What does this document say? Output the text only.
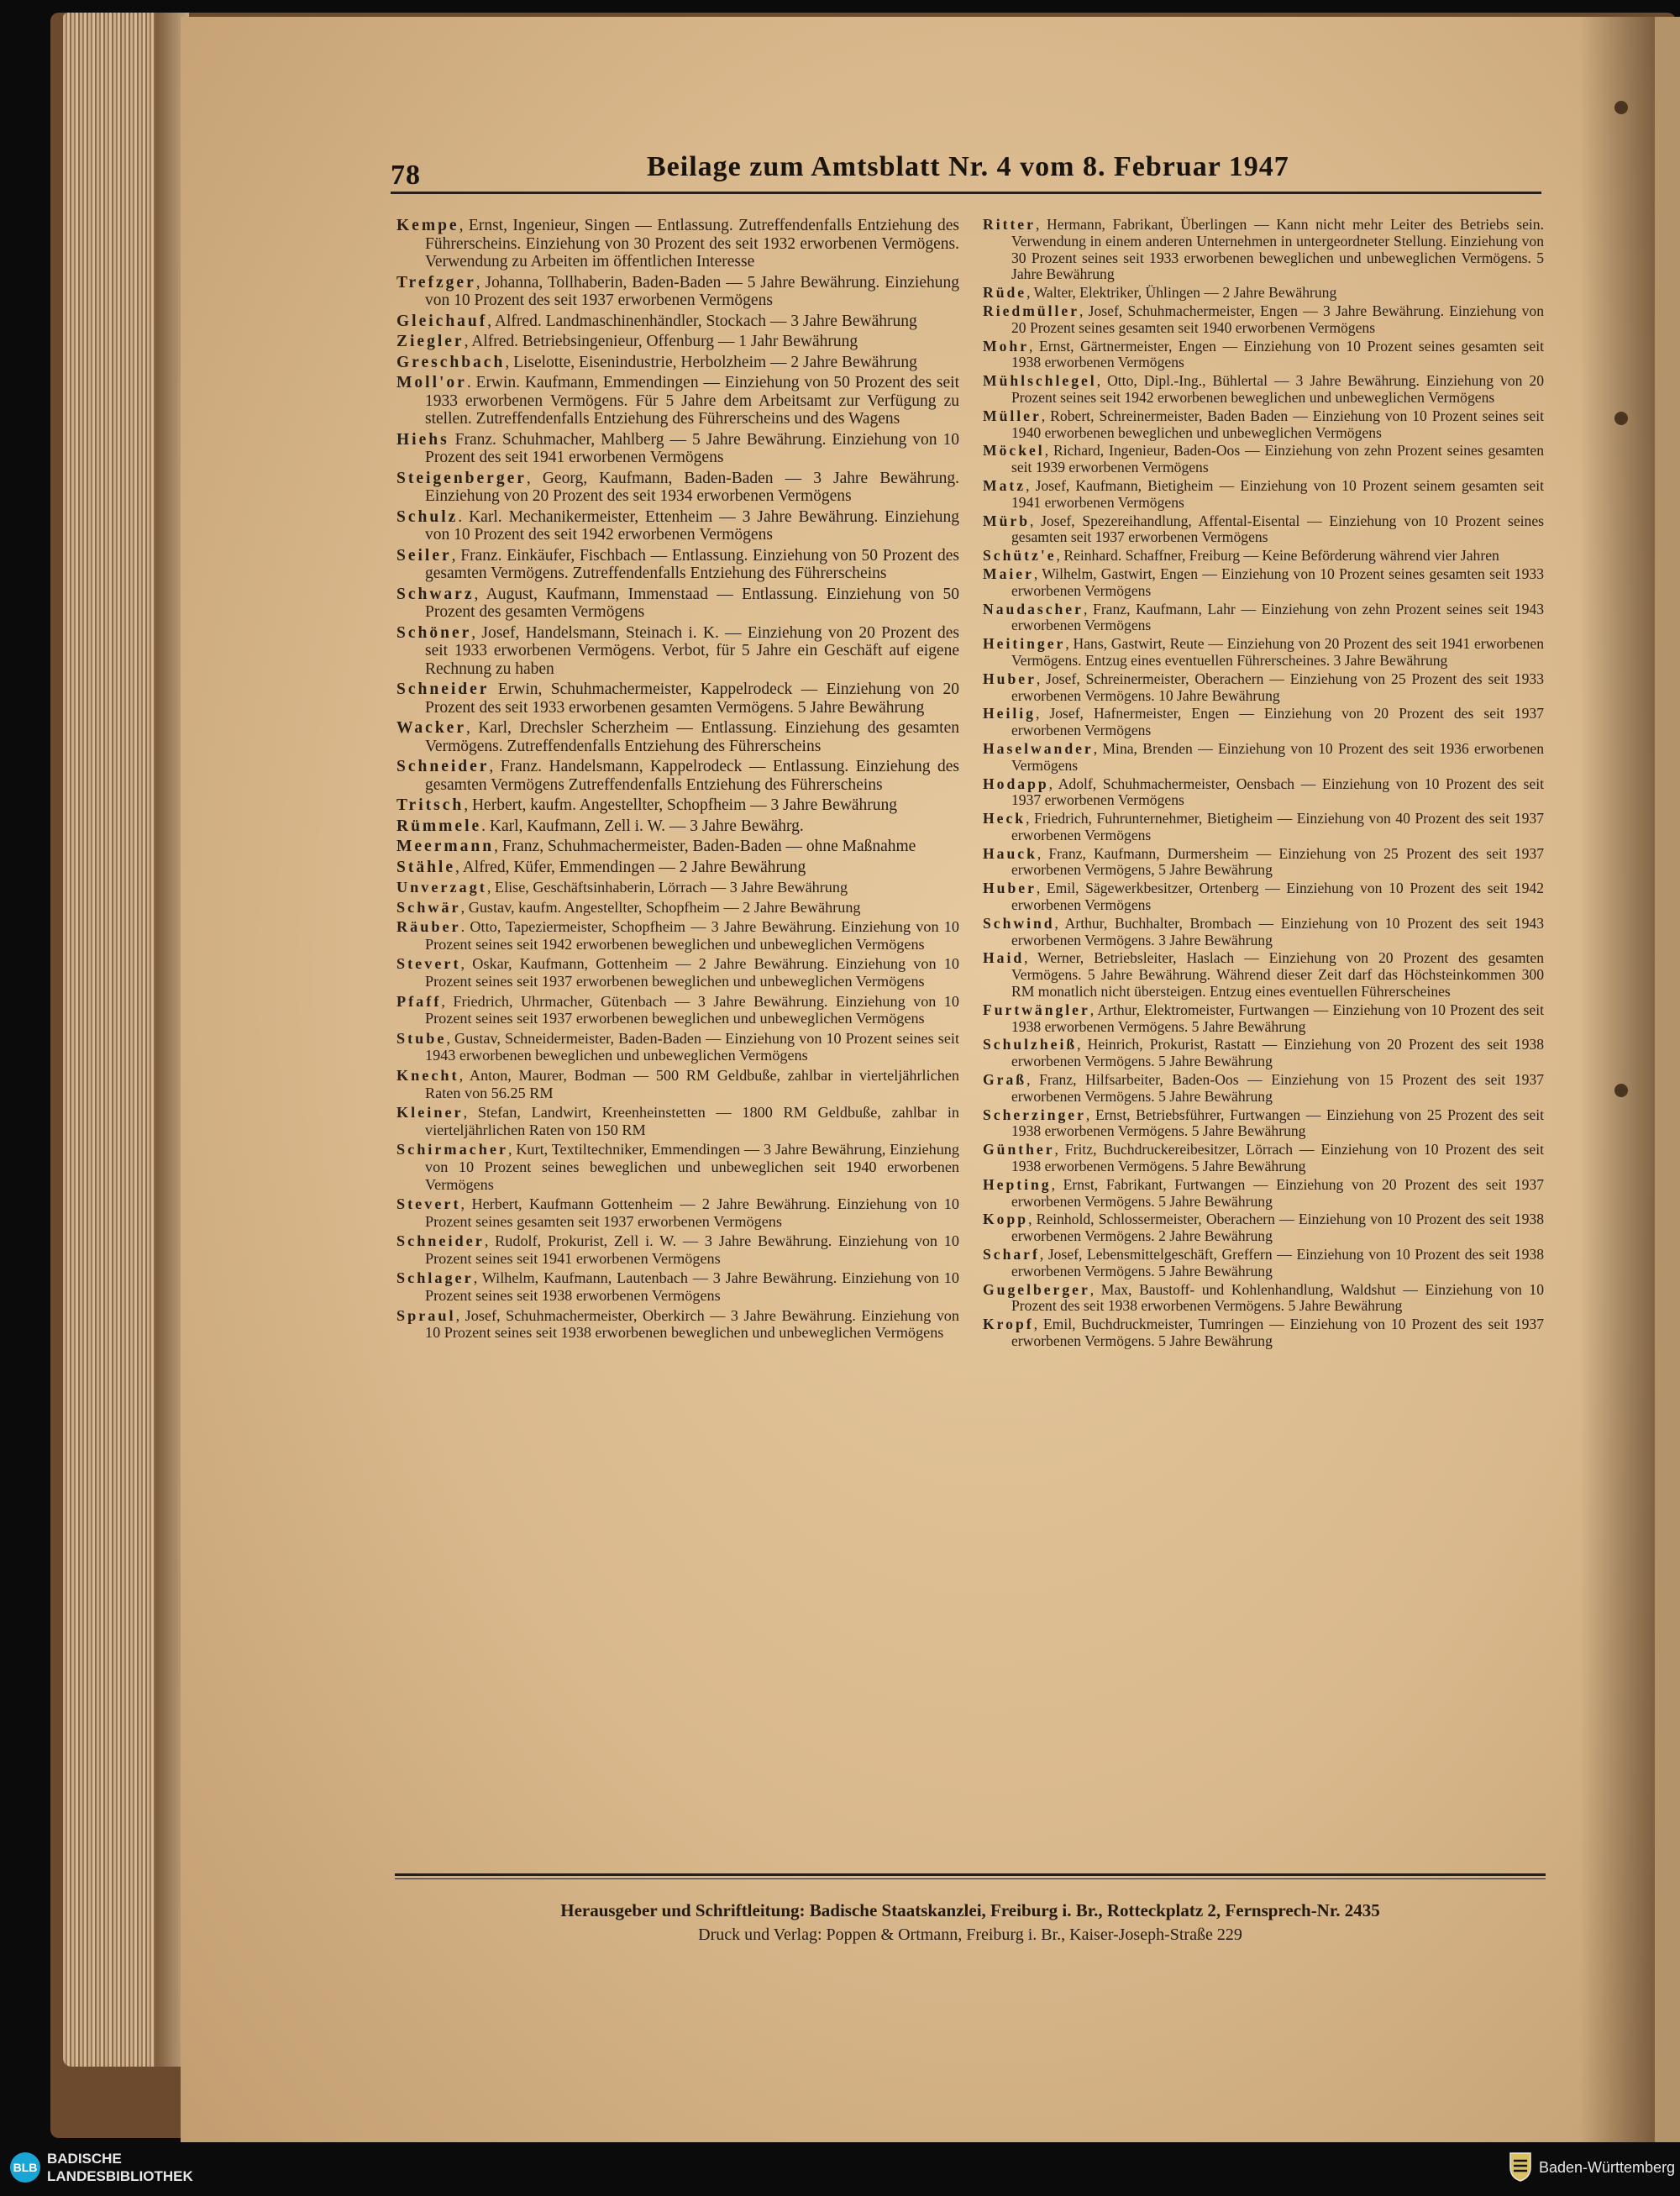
78	Beilage zum Amtsblatt Nr. 4 vom 8. Februar 1947
Kempe, Ernst, Ingenieur, Singen — Entlassung. Zutreffendenfalls Entziehung des Führerscheins. Einziehung von 30 Prozent des seit 1932 erworbenen Vermögens. Verwendung zu Arbeiten im öffentlichen Interesse
Trefzger, Johanna, Tollhaberin, Baden-Baden — 5 Jahre Bewährung. Einziehung von 10 Prozent des seit 1937 erworbenen Vermögens
Gleichauf, Alfred. Landmaschinenhändler, Stockach — 3 Jahre Bewährung
Ziegler, Alfred. Betriebsingenieur, Offenburg — 1 Jahr Bewährung
Greschbach, Liselotte, Eisenindustrie, Herbolzheim — 2 Jahre Bewährung
Moll'or. Erwin. Kaufmann, Emmendingen — Einziehung von 50 Prozent des seit 1933 erworbenen Vermögens. Für 5 Jahre dem Arbeitsamt zur Verfügung zu stellen. Zutreffendenfalls Entziehung des Führerscheins und des Wagens
Hiehs Franz. Schuhmacher, Mahlberg — 5 Jahre Bewährung. Einziehung von 10 Prozent des seit 1941 erworbenen Vermögens
Steigenberger, Georg, Kaufmann, Baden-Baden — 3 Jahre Bewährung. Einziehung von 20 Prozent des seit 1934 erworbenen Vermögens
Schulz. Karl. Mechanikermeister, Ettenheim — 3 Jahre Bewährung. Einziehung von 10 Prozent des seit 1942 erworbenen Vermögens
Seiler, Franz. Einkäufer, Fischbach — Entlassung. Einziehung von 50 Prozent des gesamten Vermögens. Zutreffendenfalls Entziehung des Führerscheins
Schwarz, August, Kaufmann, Immenstaad — Entlassung. Einziehung von 50 Prozent des gesamten Vermögens
Schöner, Josef, Handelsmann, Steinach i. K. — Einziehung von 20 Prozent des seit 1933 erworbenen Vermögens. Verbot, für 5 Jahre ein Geschäft auf eigene Rechnung zu haben
Schneider Erwin, Schuhmachermeister, Kappelrodeck — Einziehung von 20 Prozent des seit 1933 erworbenen gesamten Vermögens. 5 Jahre Bewährung
Wacker, Karl, Drechsler Scherzheim — Entlassung. Einziehung des gesamten Vermögens. Zutreffendenfalls Entziehung des Führerscheins
Schneider, Franz. Handelsmann, Kappelrodeck — Entlassung. Einziehung des gesamten Vermögens Zutreffendenfalls Entziehung des Führerscheins
Tritsch, Herbert, kaufm. Angestellter, Schopfheim — 3 Jahre Bewährung
Rümmele. Karl, Kaufmann, Zell i. W. — 3 Jahre Bewährg.
Meermann, Franz, Schuhmachermeister, Baden-Baden — ohne Maßnahme
Stähle, Alfred, Küfer, Emmendingen — 2 Jahre Bewährung
Unverzagt, Elise, Geschäftsinhaberin, Lörrach — 3 Jahre Bewährung
Schwär, Gustav, kaufm. Angestellter, Schopfheim — 2 Jahre Bewährung
Räuber. Otto, Tapeziermeister, Schopfheim — 3 Jahre Bewährung. Einziehung von 10 Prozent seines seit 1942 erworbenen beweglichen und unbeweglichen Vermögens
Stevert, Oskar, Kaufmann, Gottenheim — 2 Jahre Bewährung. Einziehung von 10 Prozent seines seit 1937 erworbenen beweglichen und unbeweglichen Vermögens
Pfaff, Friedrich, Uhrmacher, Gütenbach — 3 Jahre Bewährung. Einziehung von 10 Prozent seines seit 1937 erworbenen beweglichen und unbeweglichen Vermögens
Stube, Gustav, Schneidermeister, Baden-Baden — Einziehung von 10 Prozent seines seit 1943 erworbenen beweglichen und unbeweglichen Vermögens
Knecht, Anton, Maurer, Bodman — 500 RM Geldbuße, zahlbar in vierteljährlichen Raten von 56.25 RM
Kleiner, Stefan, Landwirt, Kreenheinstetten — 1800 RM Geldbuße, zahlbar in vierteljährlichen Raten von 150 RM
Schirmacher, Kurt, Textiltechniker, Emmendingen — 3 Jahre Bewährung, Einziehung von 10 Prozent seines beweglichen und unbeweglichen seit 1940 erworbenen Vermögens
Stevert, Herbert, Kaufmann Gottenheim — 2 Jahre Bewährung. Einziehung von 10 Prozent seines gesamten seit 1937 erworbenen Vermögens
Schneider, Rudolf, Prokurist, Zell i. W. — 3 Jahre Bewährung. Einziehung von 10 Prozent seines seit 1941 erworbenen Vermögens
Schlager, Wilhelm, Kaufmann, Lautenbach — 3 Jahre Bewährung. Einziehung von 10 Prozent seines seit 1938 erworbenen Vermögens
Spraul, Josef, Schuhmachermeister, Oberkirch — 3 Jahre Bewährung. Einziehung von 10 Prozent seines seit 1938 erworbenen beweglichen und unbeweglichen Vermögens
Ritter, Hermann, Fabrikant, Überlingen — Kann nicht mehr Leiter des Betriebs sein. Verwendung in einem anderen Unternehmen in untergeordneter Stellung. Einziehung von 30 Prozent seines seit 1933 erworbenen beweglichen und unbeweglichen Vermögens. 5 Jahre Bewährung
Rüde, Walter, Elektriker, Ühlingen — 2 Jahre Bewährung
Riedmüller, Josef, Schuhmachermeister, Engen — 3 Jahre Bewährung. Einziehung von 20 Prozent seines gesamten seit 1940 erworbenen Vermögens
Mohr, Ernst, Gärtnermeister, Engen — Einziehung von 10 Prozent seines gesamten seit 1938 erworbenen Vermögens
Mühlschlegel, Otto, Dipl.-Ing., Bühlertal — 3 Jahre Bewährung. Einziehung von 20 Prozent seines seit 1942 erworbenen beweglichen und unbeweglichen Vermögens
Müller, Robert, Schreinermeister, Baden Baden — Einziehung von 10 Prozent seines seit 1940 erworbenen beweglichen und unbeweglichen Vermögens
Möckel, Richard, Ingenieur, Baden-Oos — Einziehung von zehn Prozent seines gesamten seit 1939 erworbenen Vermögens
Matz, Josef, Kaufmann, Bietigheim — Einziehung von 10 Prozent seinem gesamten seit 1941 erworbenen Vermögens
Mürb, Josef, Spezereihandlung, Affental-Eisental — Einziehung von 10 Prozent seines gesamten seit 1937 erworbenen Vermögens
Schütz'e, Reinhard. Schaffner, Freiburg — Keine Beförderung während vier Jahren
Maier, Wilhelm, Gastwirt, Engen — Einziehung von 10 Prozent seines gesamten seit 1933 erworbenen Vermögens
Naudascher, Franz, Kaufmann, Lahr — Einziehung von zehn Prozent seines seit 1943 erworbenen Vermögens
Heitinger, Hans, Gastwirt, Reute — Einziehung von 20 Prozent des seit 1941 erworbenen Vermögens. Entzug eines eventuellen Führerscheines. 3 Jahre Bewährung
Huber, Josef, Schreinermeister, Oberachern — Einziehung von 25 Prozent des seit 1933 erworbenen Vermögens. 10 Jahre Bewährung
Heilig, Josef, Hafnermeister, Engen — Einziehung von 20 Prozent des seit 1937 erworbenen Vermögens
Haselwander, Mina, Brenden — Einziehung von 10 Prozent des seit 1936 erworbenen Vermögens
Hodapp, Adolf, Schuhmachermeister, Oensbach — Einziehung von 10 Prozent des seit 1937 erworbenen Vermögens
Heck, Friedrich, Fuhrunternehmer, Bietigheim — Einziehung von 40 Prozent des seit 1937 erworbenen Vermögens
Hauck, Franz, Kaufmann, Durmersheim — Einziehung von 25 Prozent des seit 1937 erworbenen Vermögens, 5 Jahre Bewährung
Huber, Emil, Sägewerkbesitzer, Ortenberg — Einziehung von 10 Prozent des seit 1942 erworbenen Vermögens
Schwind, Arthur, Buchhalter, Brombach — Einziehung von 10 Prozent des seit 1943 erworbenen Vermögens. 3 Jahre Bewährung
Haid, Werner, Betriebsleiter, Haslach — Einziehung von 20 Prozent des gesamten Vermögens. 5 Jahre Bewährung. Während dieser Zeit darf das Höchsteinkommen 300 RM monatlich nicht übersteigen. Entzug eines eventuellen Führerscheines
Furtwängler, Arthur, Elektromeister, Furtwangen — Einziehung von 10 Prozent des seit 1938 erworbenen Vermögens. 5 Jahre Bewährung
Schulzheiß, Heinrich, Prokurist, Rastatt — Einziehung von 20 Prozent des seit 1938 erworbenen Vermögens. 5 Jahre Bewährung
Graß, Franz, Hilfsarbeiter, Baden-Oos — Einziehung von 15 Prozent des seit 1937 erworbenen Vermögens. 5 Jahre Bewährung
Scherzinger, Ernst, Betriebsführer, Furtwangen — Einziehung von 25 Prozent des seit 1938 erworbenen Vermögens. 5 Jahre Bewährung
Günther, Fritz, Buchdruckereibesitzer, Lörrach — Einziehung von 10 Prozent des seit 1938 erworbenen Vermögens. 5 Jahre Bewährung
Hepting, Ernst, Fabrikant, Furtwangen — Einziehung von 20 Prozent des seit 1937 erworbenen Vermögens. 5 Jahre Bewährung
Kopp, Reinhold, Schlossermeister, Oberachern — Einziehung von 10 Prozent des seit 1938 erworbenen Vermögens. 2 Jahre Bewährung
Scharf, Josef, Lebensmittelgeschäft, Greffern — Einziehung von 10 Prozent des seit 1938 erworbenen Vermögens. 5 Jahre Bewährung
Gugelberger, Max, Baustoff- und Kohlenhandlung, Waldshut — Einziehung von 10 Prozent des seit 1938 erworbenen Vermögens. 5 Jahre Bewährung
Kropf, Emil, Buchdruckmeister, Tumringen — Einziehung von 10 Prozent des seit 1937 erworbenen Vermögens. 5 Jahre Bewährung
Herausgeber und Schriftleitung: Badische Staatskanzlei, Freiburg i. Br., Rotteckplatz 2, Fernsprech-Nr. 2435
Druck und Verlag: Poppen & Ortmann, Freiburg i. Br., Kaiser-Joseph-Straße 229
BLB
BADISCHE
LANDESBIBLIOTHEK
Baden-Württemberg
